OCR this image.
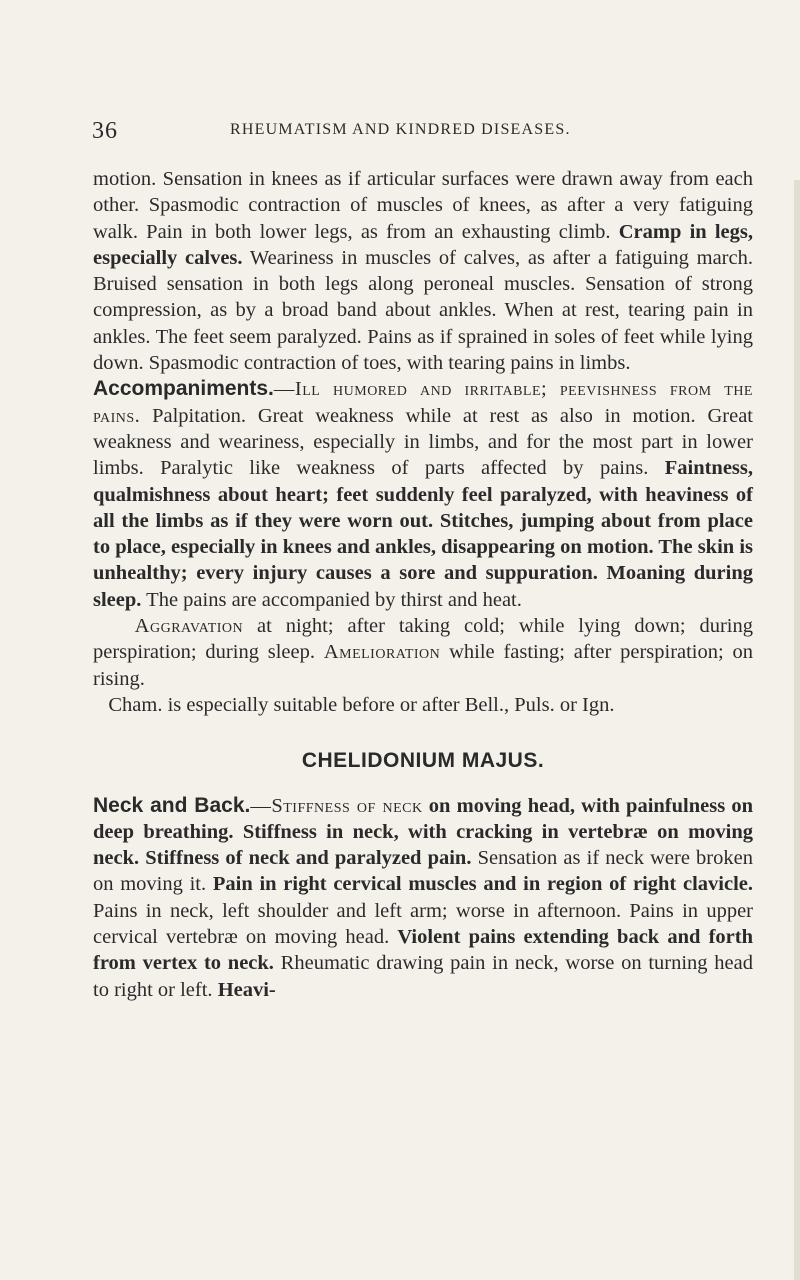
36	RHEUMATISM AND KINDRED DISEASES.

motion. Sensation in knees as if articular surfaces were drawn away from each other. Spasmodic contraction of muscles of knees, as after a very fatiguing walk. Pain in both lower legs, as from an exhausting climb. Cramp in legs, especially calves. Weariness in muscles of calves, as after a fatiguing march. Bruised sensation in both legs along peroneal muscles. Sensation of strong compression, as by a broad band about ankles. When at rest, tearing pain in ankles. The feet seem paralyzed. Pains as if sprained in soles of feet while lying down. Spasmodic contraction of toes, with tearing pains in limbs.

Accompaniments.—Ill humored and irritable; peevishness from the pains. Palpitation. Great weakness while at rest as also in motion. Great weakness and weariness, especially in limbs, and for the most part in lower limbs. Paralytic like weakness of parts affected by pains. Faintness, qualmishness about heart; feet suddenly feel paralyzed, with heaviness of all the limbs as if they were worn out. Stitches, jumping about from place to place, especially in knees and ankles, disappearing on motion. The skin is unhealthy; every injury causes a sore and suppuration. Moaning during sleep. The pains are accompanied by thirst and heat.

Aggravation at night; after taking cold; while lying down; during perspiration; during sleep. Amelioration while fasting; after perspiration; on rising.

Cham. is especially suitable before or after Bell., Puls. or Ign.

CHELIDONIUM MAJUS.

Neck and Back.—Stiffness of neck on moving head, with painfulness on deep breathing. Stiffness in neck, with cracking in vertebræ on moving neck. Stiffness of neck and paralyzed pain. Sensation as if neck were broken on moving it. Pain in right cervical muscles and in region of right clavicle. Pains in neck, left shoulder and left arm; worse in afternoon. Pains in upper cervical vertebræ on moving head. Violent pains extending back and forth from vertex to neck. Rheumatic drawing pain in neck, worse on turning head to right or left. Heavi-
